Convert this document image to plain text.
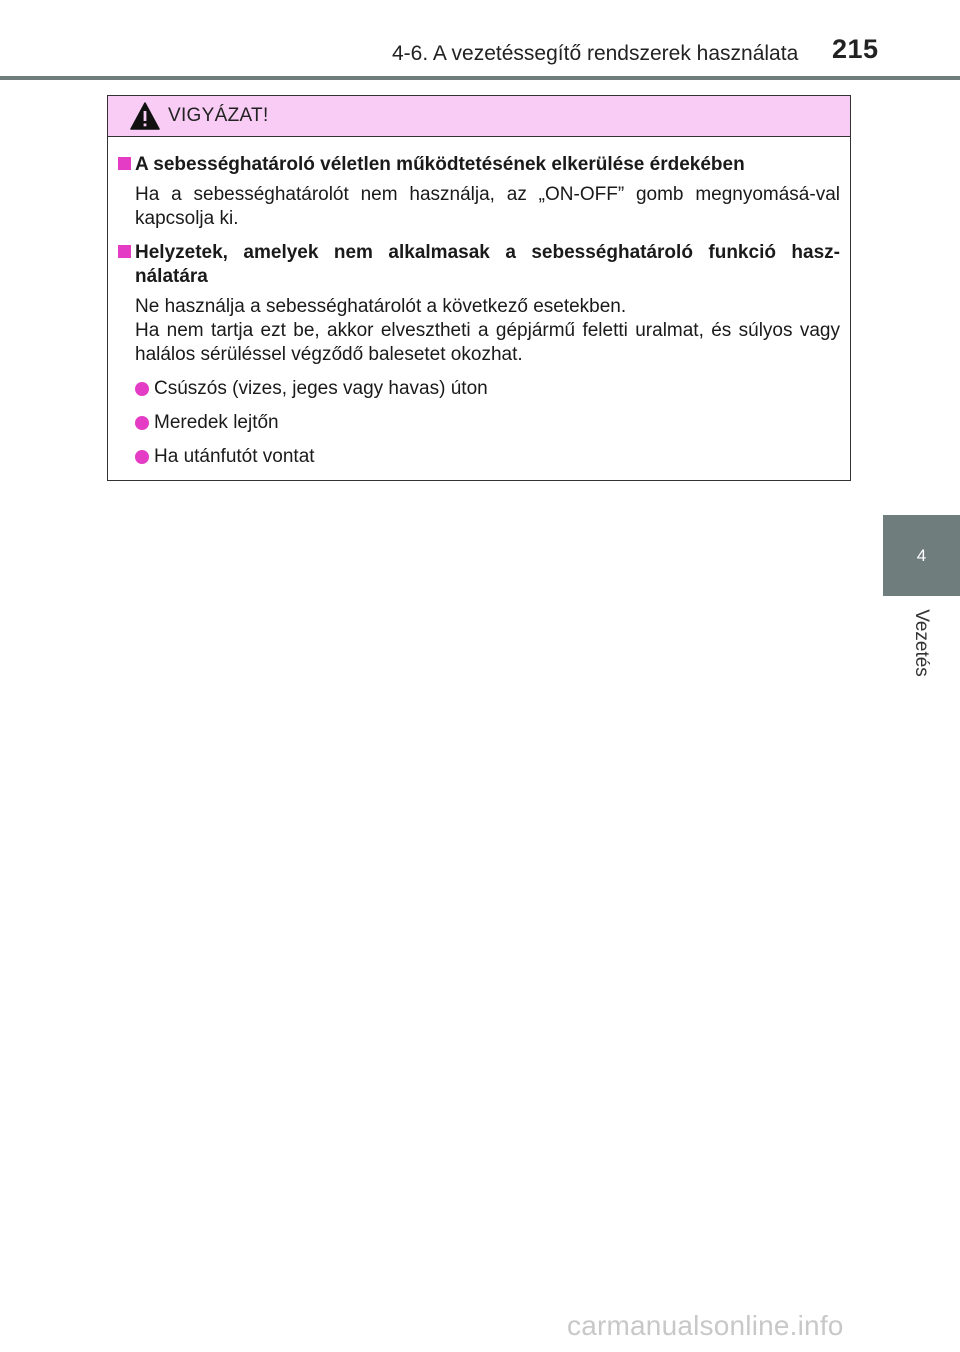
4-6. A vezetéssegítő rendszerek használata 215
4
Vezetés
VIGYÁZAT!
A sebességhatároló véletlen működtetésének elkerülése érdekében

Ha a sebességhatárolót nem használja, az „ON-OFF” gomb megnyomásá-val kapcsolja ki.

Helyzetek, amelyek nem alkalmasak a sebességhatároló funkció hasz-nálatára

Ne használja a sebességhatárolót a következő esetekben.

Ha nem tartja ezt be, akkor elvesztheti a gépjármű feletti uralmat, és súlyos vagy halálos sérüléssel végződő balesetet okozhat.

Csúszós (vizes, jeges vagy havas) úton
Meredek lejtőn
Ha utánfutót vontat
carmanualsonline.info
